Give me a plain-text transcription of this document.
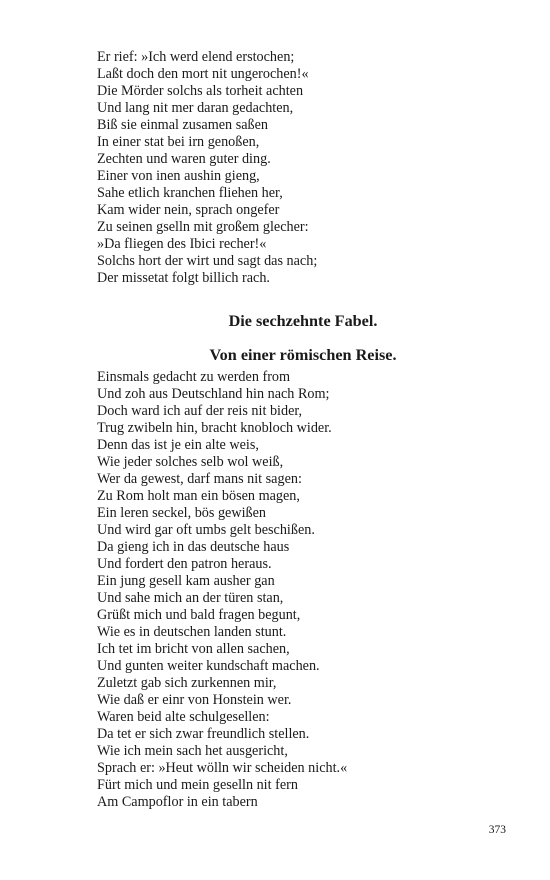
Er rief: »Ich werd elend erstochen;
Laßt doch den mort nit ungerochen!«
Die Mörder solchs als torheit achten
Und lang nit mer daran gedachten,
Biß sie einmal zusamen saßen
In einer stat bei irn genoßen,
Zechten und waren guter ding.
Einer von inen aushin gieng,
Sahe etlich kranchen fliehen her,
Kam wider nein, sprach ongefer
Zu seinen gselln mit großem glecher:
»Da fliegen des Ibici recher!«
Solchs hort der wirt und sagt das nach;
Der missetat folgt billich rach.
Die sechzehnte Fabel.
Von einer römischen Reise.
Einsmals gedacht zu werden from
Und zoh aus Deutschland hin nach Rom;
Doch ward ich auf der reis nit bider,
Trug zwibeln hin, bracht knobloch wider.
Denn das ist je ein alte weis,
Wie jeder solches selb wol weiß,
Wer da gewest, darf mans nit sagen:
Zu Rom holt man ein bösen magen,
Ein leren seckel, bös gewißen
Und wird gar oft umbs gelt beschißen.
Da gieng ich in das deutsche haus
Und fordert den patron heraus.
Ein jung gesell kam ausher gan
Und sahe mich an der türen stan,
Grüßt mich und bald fragen begunt,
Wie es in deutschen landen stunt.
Ich tet im bricht von allen sachen,
Und gunten weiter kundschaft machen.
Zuletzt gab sich zurkennen mir,
Wie daß er einr von Honstein wer.
Waren beid alte schulgesellen:
Da tet er sich zwar freundlich stellen.
Wie ich mein sach het ausgericht,
Sprach er: »Heut wölln wir scheiden nicht.«
Fürt mich und mein geselln nit fern
Am Campoflor in ein tabern
373
